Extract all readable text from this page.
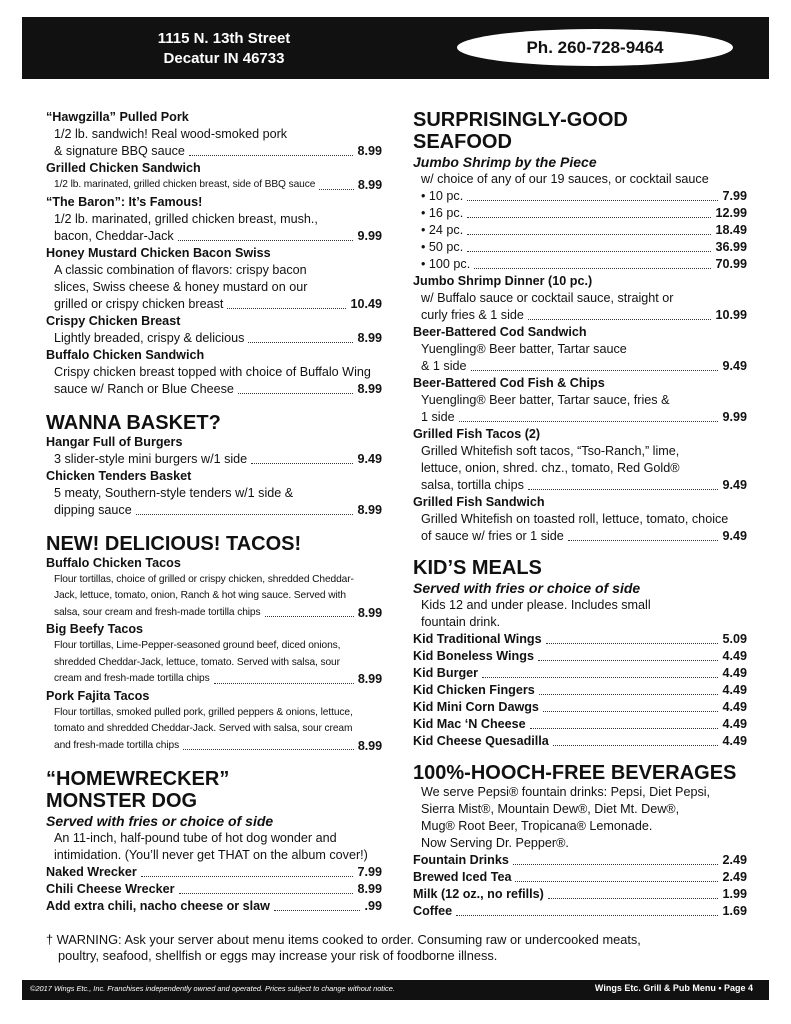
1115 N. 13th Street
Decatur IN 46733
Ph. 260-728-9464
“Hawgzilla” Pulled Pork
1/2 lb. sandwich! Real wood-smoked pork
& signature BBQ sauce	8.99
Grilled Chicken Sandwich
1/2 lb. marinated, grilled chicken breast, side of BBQ sauce	8.99
“The Baron”: It’s Famous!
1/2 lb. marinated, grilled chicken breast, mush.,
bacon, Cheddar-Jack	9.99
Honey Mustard Chicken Bacon Swiss
A classic combination of flavors: crispy bacon
slices, Swiss cheese & honey mustard on our
grilled or crispy chicken breast	10.49
Crispy Chicken Breast
Lightly breaded, crispy & delicious	8.99
Buffalo Chicken Sandwich
Crispy chicken breast topped with choice of Buffalo Wing
sauce w/ Ranch or Blue Cheese	8.99
WANNA BASKET?
Hangar Full of Burgers
3 slider-style mini burgers w/1 side	9.49
Chicken Tenders Basket
5 meaty, Southern-style tenders w/1 side &
dipping sauce	8.99
NEW! DELICIOUS! TACOS!
Buffalo Chicken Tacos
Flour tortillas, choice of grilled or crispy chicken, shredded Cheddar-
Jack, lettuce, tomato, onion, Ranch & hot wing sauce. Served with
salsa, sour cream and fresh-made tortilla chips	8.99
Big Beefy Tacos
Flour tortillas, Lime-Pepper-seasoned ground beef, diced onions,
shredded Cheddar-Jack, lettuce, tomato. Served with salsa, sour
cream and fresh-made tortilla chips	8.99
Pork Fajita Tacos
Flour tortillas, smoked pulled pork, grilled peppers & onions, lettuce,
tomato and shredded Cheddar-Jack. Served with salsa, sour cream
and fresh-made tortilla chips	8.99
“HOMEWRECKER”
MONSTER DOG
Served with fries or choice of side
An 11-inch, half-pound tube of hot dog wonder and
intimidation. (You’ll never get THAT on the album cover!)
Naked Wrecker	7.99
Chili Cheese Wrecker	8.99
Add extra chili, nacho cheese or slaw	.99
SURPRISINGLY-GOOD
SEAFOOD
Jumbo Shrimp by the Piece
w/ choice of any of our 19 sauces, or cocktail sauce
• 10 pc.	7.99
• 16 pc.	12.99
• 24 pc.	18.49
• 50 pc.	36.99
• 100 pc.	70.99
Jumbo Shrimp Dinner (10 pc.)
w/ Buffalo sauce or cocktail sauce, straight or
curly fries & 1 side	10.99
Beer-Battered Cod Sandwich
Yuengling® Beer batter, Tartar sauce
& 1 side	9.49
Beer-Battered Cod Fish & Chips
Yuengling® Beer batter, Tartar sauce, fries &
1 side	9.99
Grilled Fish Tacos (2)
Grilled Whitefish soft tacos, “Tso-Ranch,” lime,
lettuce, onion, shred. chz., tomato, Red Gold®
salsa, tortilla chips	9.49
Grilled Fish Sandwich
Grilled Whitefish on toasted roll, lettuce, tomato, choice
of sauce w/ fries or 1 side	9.49
KID’S MEALS
Served with fries or choice of side
Kids 12 and under please. Includes small
fountain drink.
Kid Traditional Wings	5.09
Kid Boneless Wings	4.49
Kid Burger	4.49
Kid Chicken Fingers	4.49
Kid Mini Corn Dawgs	4.49
Kid Mac ‘N Cheese	4.49
Kid Cheese Quesadilla	4.49
100%-HOOCH-FREE BEVERAGES
We serve Pepsi® fountain drinks: Pepsi, Diet Pepsi,
Sierra Mist®, Mountain Dew®, Diet Mt. Dew®,
Mug® Root Beer, Tropicana® Lemonade.
Now Serving Dr. Pepper®.
Fountain Drinks	2.49
Brewed Iced Tea	2.49
Milk (12 oz., no refills)	1.99
Coffee	1.69
† WARNING: Ask your server about menu items cooked to order. Consuming raw or undercooked meats,
poultry, seafood, shellfish or eggs may increase your risk of foodborne illness.
©2017 Wings Etc., Inc. Franchises independently owned and operated. Prices subject to change without notice.	Wings Etc. Grill & Pub Menu • Page 4
